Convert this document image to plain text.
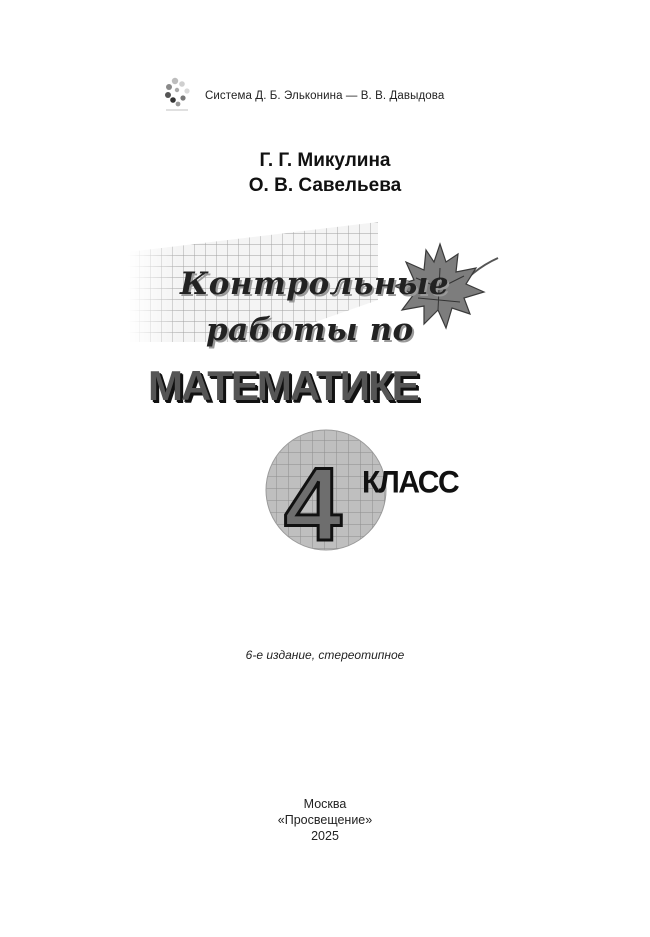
Система Д. Б. Эльконина — В. В. Давыдова
Г. Г. Микулина
О. В. Савельева
Контрольные
работы по
МАТЕМАТИКЕ
4 КЛАСС
6-е издание, стереотипное
Москва
«Просвещение»
2025
